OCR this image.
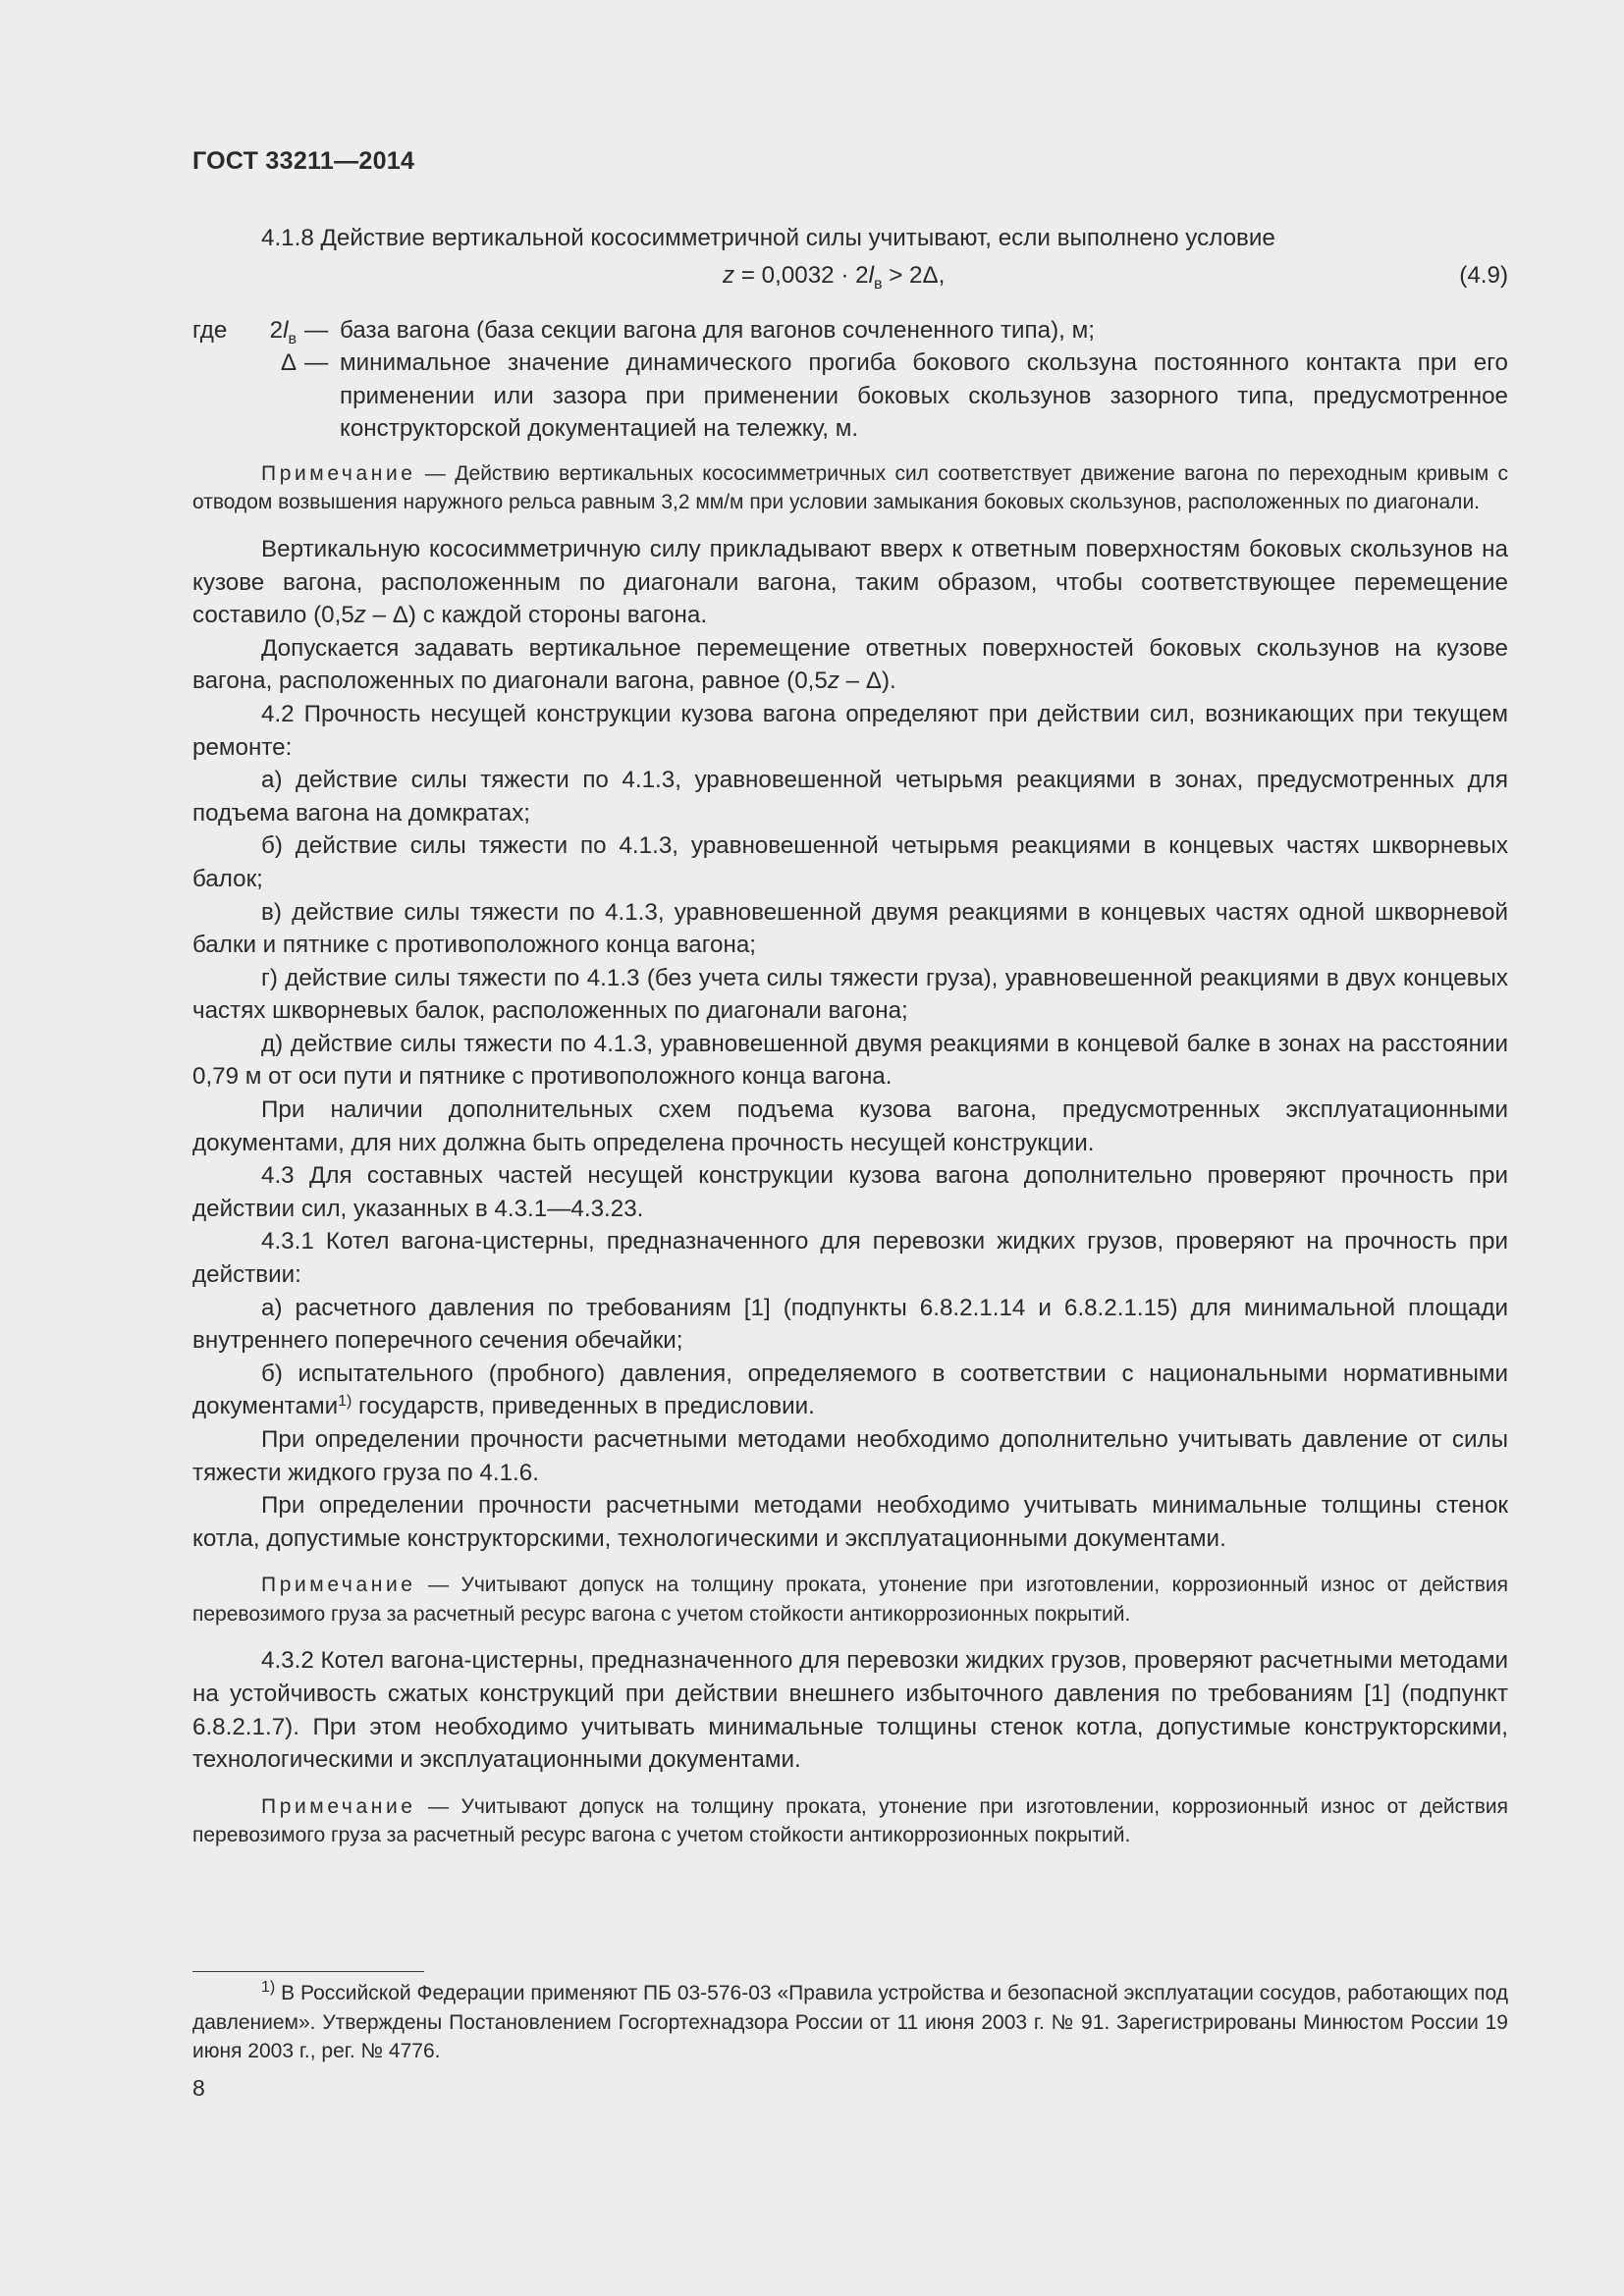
ГОСТ 33211—2014

4.1.8 Действие вертикальной кососимметричной силы учитывают, если выполнено условие

$z = 0,0032 \cdot 2l_в > 2\Delta$,	(4.9)
где	$2l_в$	—	база вагона (база секции вагона для вагонов сочлененного типа), м;
	Δ	—	минимальное значение динамического прогиба бокового скользуна постоянного контакта при его применении или зазора при применении боковых скользунов зазорного типа, предусмотренное конструкторской документацией на тележку, м.

Примечание — Действию вертикальных кососимметричных сил соответствует движение вагона по переходным кривым с отводом возвышения наружного рельса равным 3,2 мм/м при условии замыкания боковых скользунов, расположенных по диагонали.

Вертикальную кососимметричную силу прикладывают вверх к ответным поверхностям боковых скользунов на кузове вагона, расположенным по диагонали вагона, таким образом, чтобы соответствующее перемещение составило (0,5z – Δ) с каждой стороны вагона.

Допускается задавать вертикальное перемещение ответных поверхностей боковых скользунов на кузове вагона, расположенных по диагонали вагона, равное (0,5z – Δ).

4.2 Прочность несущей конструкции кузова вагона определяют при действии сил, возникающих при текущем ремонте:

а) действие силы тяжести по 4.1.3, уравновешенной четырьмя реакциями в зонах, предусмотренных для подъема вагона на домкратах;

б) действие силы тяжести по 4.1.3, уравновешенной четырьмя реакциями в концевых частях шкворневых балок;

в) действие силы тяжести по 4.1.3, уравновешенной двумя реакциями в концевых частях одной шкворневой балки и пятнике с противоположного конца вагона;

г) действие силы тяжести по 4.1.3 (без учета силы тяжести груза), уравновешенной реакциями в двух концевых частях шкворневых балок, расположенных по диагонали вагона;

д) действие силы тяжести по 4.1.3, уравновешенной двумя реакциями в концевой балке в зонах на расстоянии 0,79 м от оси пути и пятнике с противоположного конца вагона.

При наличии дополнительных схем подъема кузова вагона, предусмотренных эксплуатационными документами, для них должна быть определена прочность несущей конструкции.

4.3 Для составных частей несущей конструкции кузова вагона дополнительно проверяют прочность при действии сил, указанных в 4.3.1—4.3.23.

4.3.1 Котел вагона-цистерны, предназначенного для перевозки жидких грузов, проверяют на прочность при действии:

а) расчетного давления по требованиям [1] (подпункты 6.8.2.1.14 и 6.8.2.1.15) для минимальной площади внутреннего поперечного сечения обечайки;

б) испытательного (пробного) давления, определяемого в соответствии с национальными нормативными документами$^{1)}$ государств, приведенных в предисловии.

При определении прочности расчетными методами необходимо дополнительно учитывать давление от силы тяжести жидкого груза по 4.1.6.

При определении прочности расчетными методами необходимо учитывать минимальные толщины стенок котла, допустимые конструкторскими, технологическими и эксплуатационными документами.

Примечание — Учитывают допуск на толщину проката, утонение при изготовлении, коррозионный износ от действия перевозимого груза за расчетный ресурс вагона с учетом стойкости антикоррозионных покрытий.

4.3.2 Котел вагона-цистерны, предназначенного для перевозки жидких грузов, проверяют расчетными методами на устойчивость сжатых конструкций при действии внешнего избыточного давления по требованиям [1] (подпункт 6.8.2.1.7). При этом необходимо учитывать минимальные толщины стенок котла, допустимые конструкторскими, технологическими и эксплуатационными документами.

Примечание — Учитывают допуск на толщину проката, утонение при изготовлении, коррозионный износ от действия перевозимого груза за расчетный ресурс вагона с учетом стойкости антикоррозионных покрытий.

$^{1)}$ В Российской Федерации применяют ПБ 03-576-03 «Правила устройства и безопасной эксплуатации сосудов, работающих под давлением». Утверждены Постановлением Госгортехнадзора России от 11 июня 2003 г. № 91. Зарегистрированы Минюстом России 19 июня 2003 г., рег. № 4776.

8
